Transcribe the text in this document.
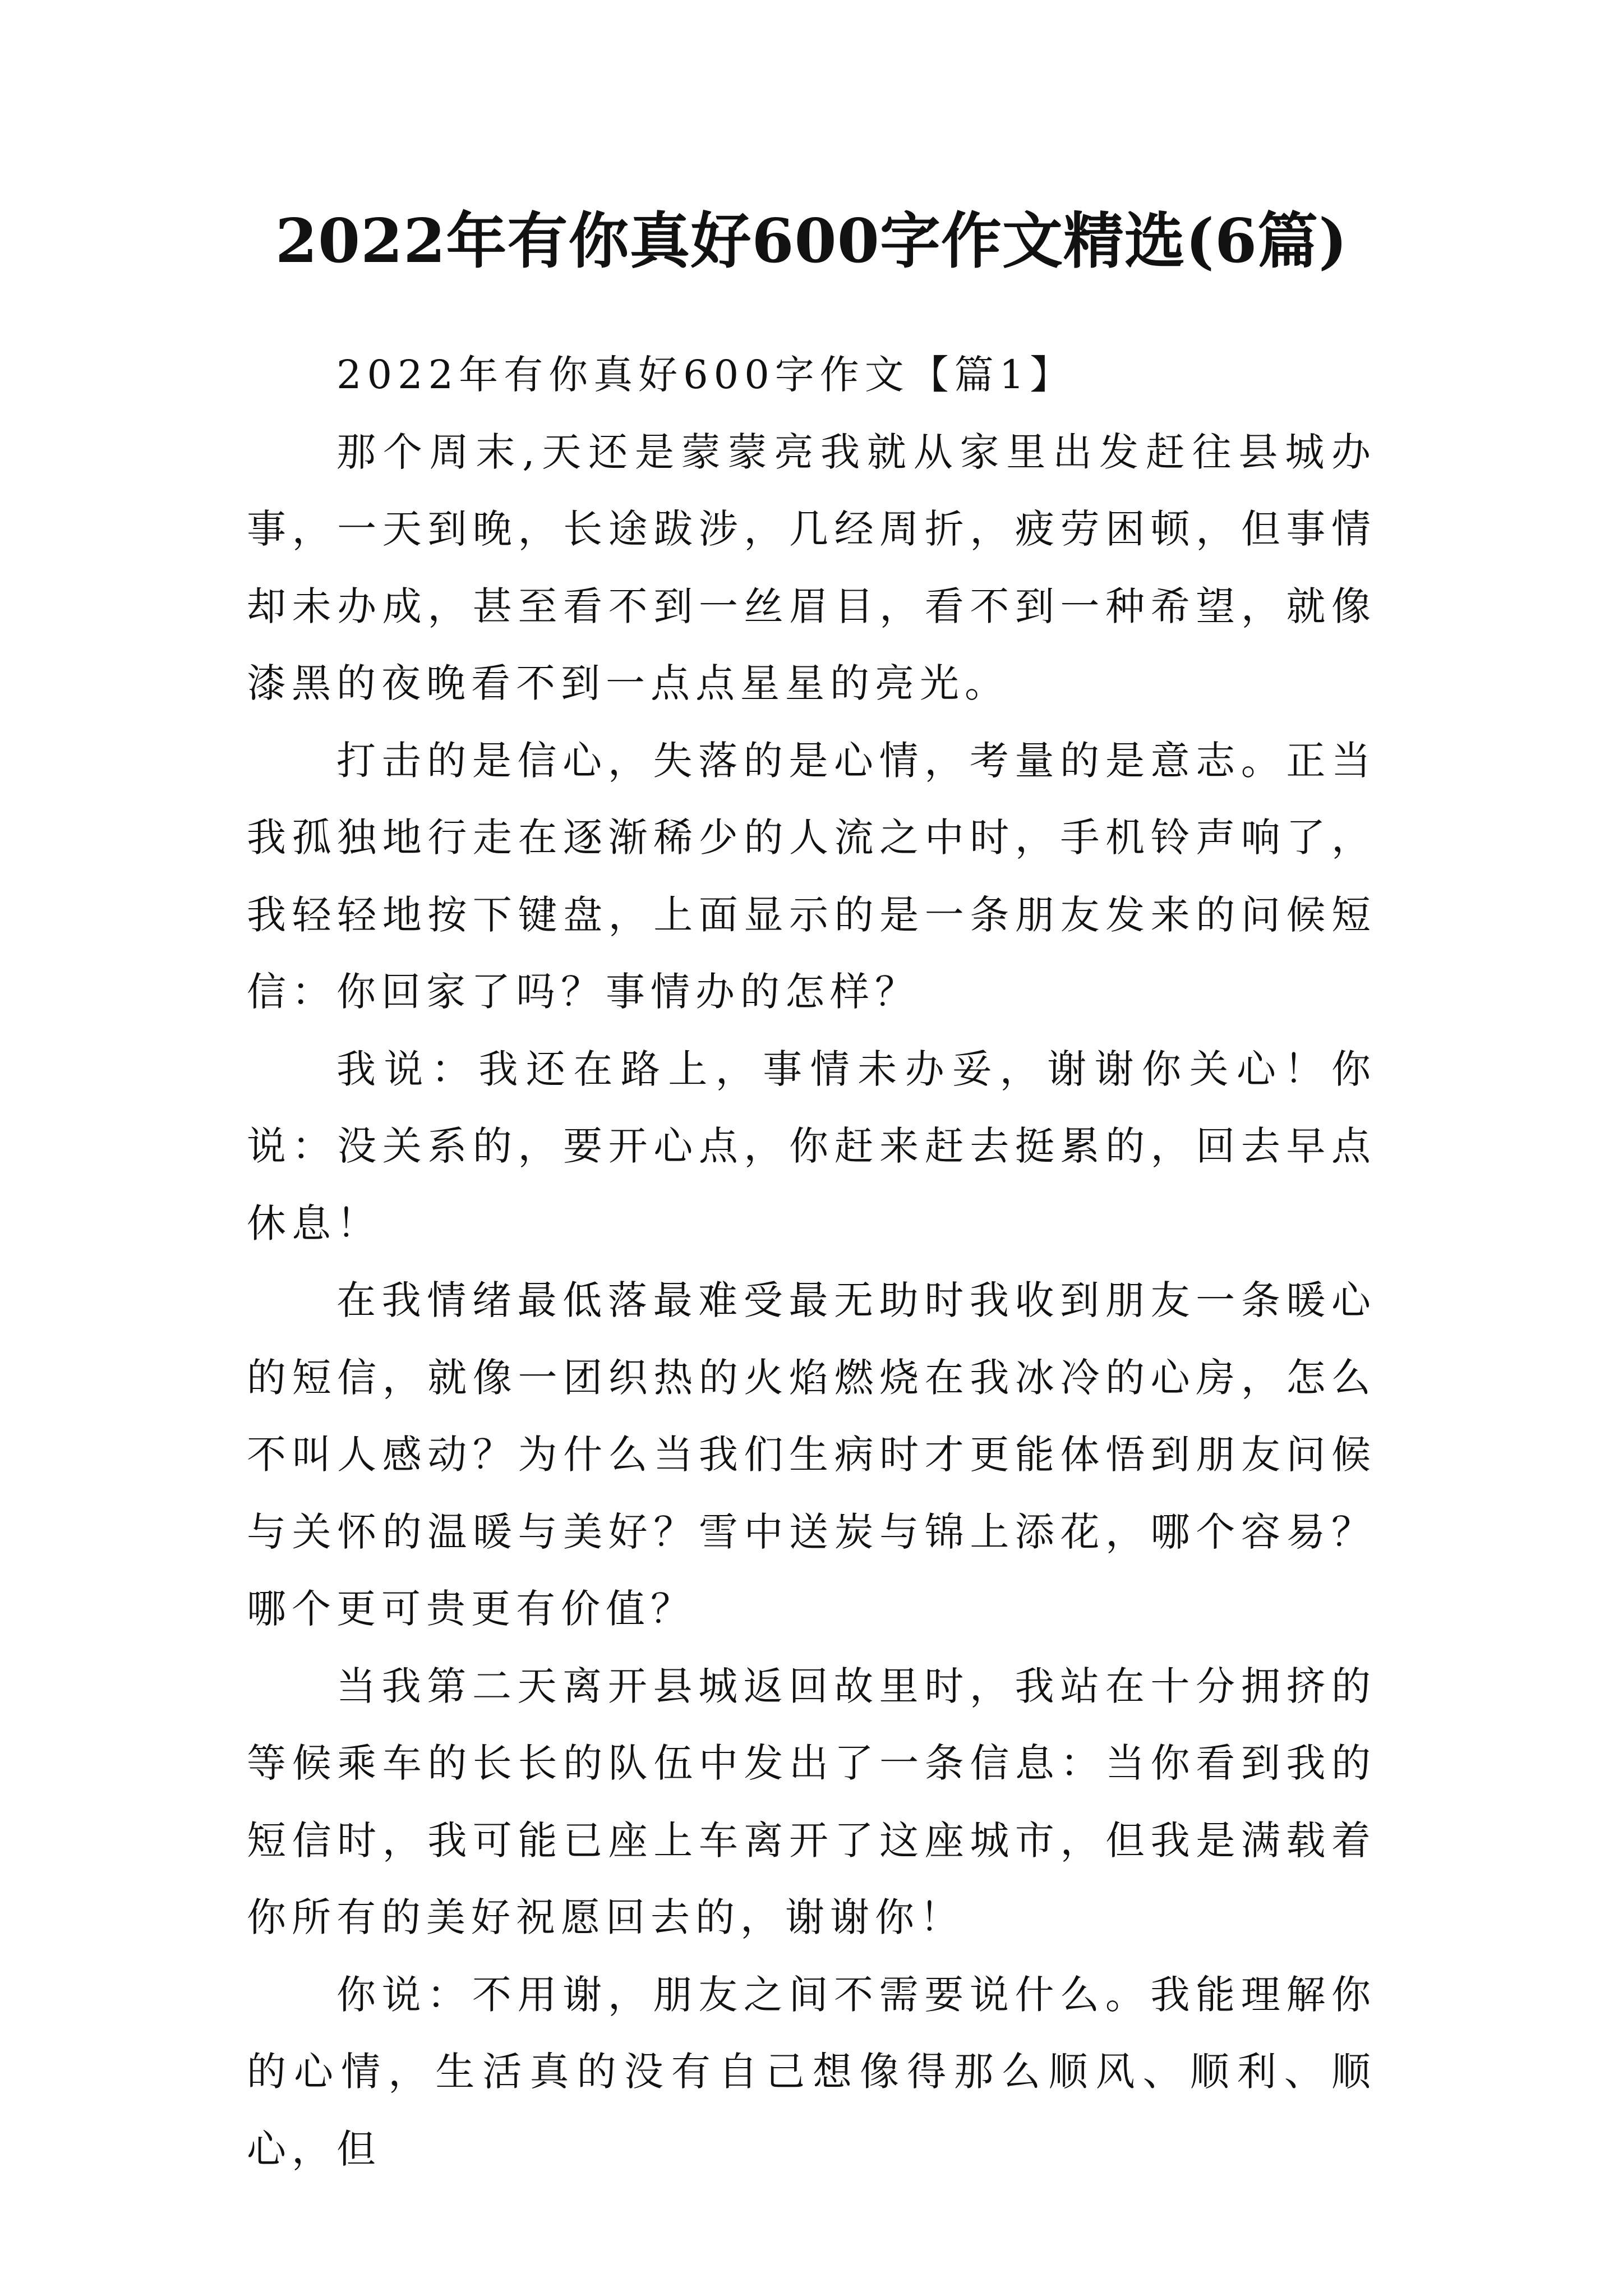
2022年有你真好600字作文精选(6篇)

2022年有你真好600字作文【篇1】

那个周末,天还是蒙蒙亮我就从家里出发赶往县城办事，一天到晚，长途跋涉，几经周折，疲劳困顿，但事情却未办成，甚至看不到一丝眉目，看不到一种希望，就像漆黑的夜晚看不到一点点星星的亮光。

打击的是信心，失落的是心情，考量的是意志。正当我孤独地行走在逐渐稀少的人流之中时，手机铃声响了，我轻轻地按下键盘，上面显示的是一条朋友发来的问候短信：你回家了吗？事情办的怎样？

我说：我还在路上，事情未办妥，谢谢你关心！你说：没关系的，要开心点，你赶来赶去挺累的，回去早点休息！

在我情绪最低落最难受最无助时我收到朋友一条暖心的短信，就像一团织热的火焰燃烧在我冰冷的心房，怎么不叫人感动？为什么当我们生病时才更能体悟到朋友问候与关怀的温暖与美好？雪中送炭与锦上添花，哪个容易？哪个更可贵更有价值？

当我第二天离开县城返回故里时，我站在十分拥挤的等候乘车的长长的队伍中发出了一条信息：当你看到我的短信时，我可能已座上车离开了这座城市，但我是满载着你所有的美好祝愿回去的，谢谢你！

你说：不用谢，朋友之间不需要说什么。我能理解你的心情，生活真的没有自己想像得那么顺风、顺利、顺心，但
